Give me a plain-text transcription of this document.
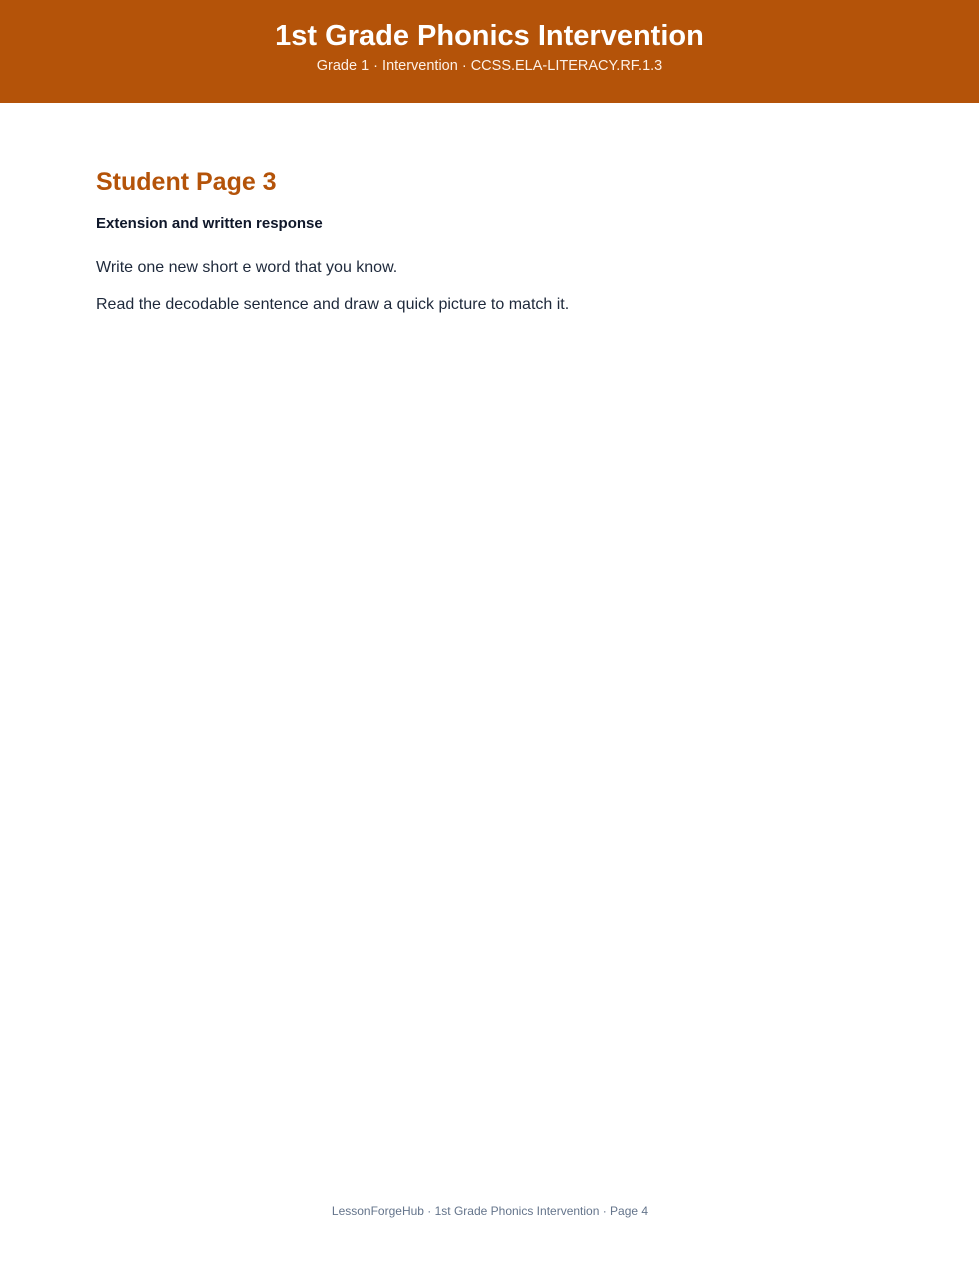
1st Grade Phonics Intervention
Grade 1 · Intervention · CCSS.ELA-LITERACY.RF.1.3
Student Page 3
Extension and written response

Write one new short e word that you know.

Read the decodable sentence and draw a quick picture to match it.

LessonForgeHub · 1st Grade Phonics Intervention · Page 4
